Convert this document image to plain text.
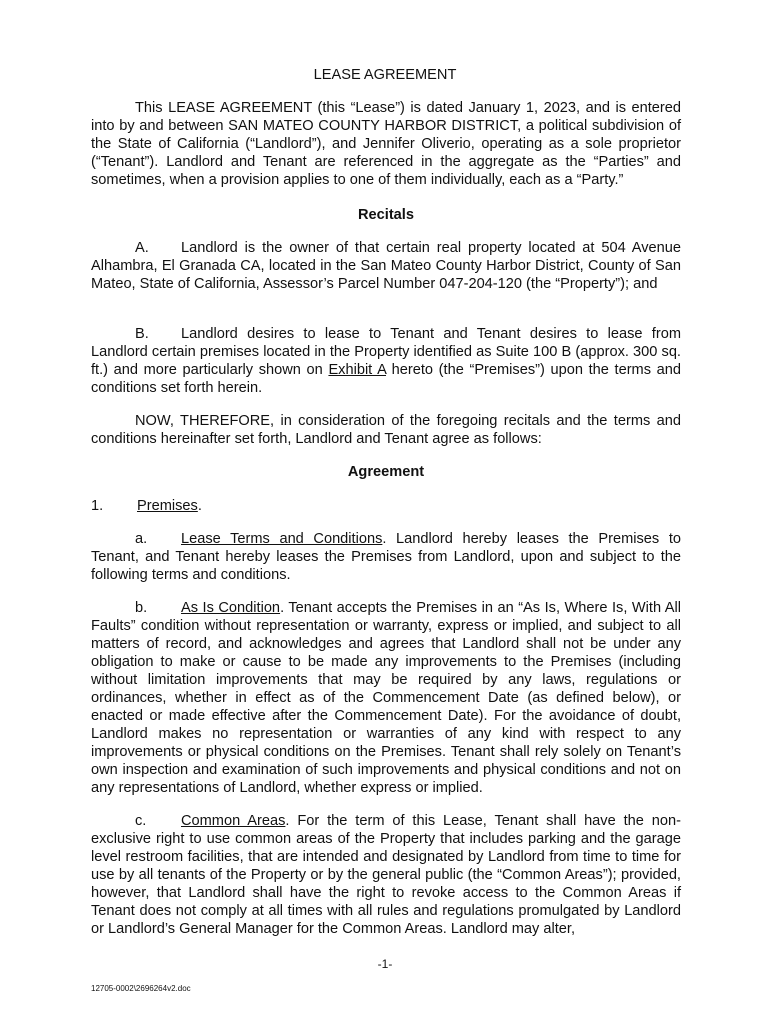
LEASE AGREEMENT

This LEASE AGREEMENT (this “Lease”) is dated January 1, 2023, and is entered into by and between SAN MATEO COUNTY HARBOR DISTRICT, a political subdivision of the State of California (“Landlord”), and Jennifer Oliverio, operating as a sole proprietor (“Tenant”). Landlord and Tenant are referenced in the aggregate as the “Parties” and sometimes, when a provision applies to one of them individually, each as a “Party.”

Recitals

A. Landlord is the owner of that certain real property located at 504 Avenue Alhambra, El Granada CA, located in the San Mateo County Harbor District, County of San Mateo, State of California, Assessor’s Parcel Number 047-204-120 (the “Property”); and

B. Landlord desires to lease to Tenant and Tenant desires to lease from Landlord certain premises located in the Property identified as Suite 100 B (approx. 300 sq. ft.) and more particularly shown on Exhibit A hereto (the “Premises”) upon the terms and conditions set forth herein.

NOW, THEREFORE, in consideration of the foregoing recitals and the terms and conditions hereinafter set forth, Landlord and Tenant agree as follows:

Agreement
1. Premises.

a. Lease Terms and Conditions. Landlord hereby leases the Premises to Tenant, and Tenant hereby leases the Premises from Landlord, upon and subject to the following terms and conditions.

b. As Is Condition. Tenant accepts the Premises in an “As Is, Where Is, With All Faults” condition without representation or warranty, express or implied, and subject to all matters of record, and acknowledges and agrees that Landlord shall not be under any obligation to make or cause to be made any improvements to the Premises (including without limitation improvements that may be required by any laws, regulations or ordinances, whether in effect as of the Commencement Date (as defined below), or enacted or made effective after the Commencement Date). For the avoidance of doubt, Landlord makes no representation or warranties of any kind with respect to any improvements or physical conditions on the Premises. Tenant shall rely solely on Tenant’s own inspection and examination of such improvements and physical conditions and not on any representations of Landlord, whether express or implied.

c. Common Areas. For the term of this Lease, Tenant shall have the non-exclusive right to use common areas of the Property that includes parking and the garage level restroom facilities, that are intended and designated by Landlord from time to time for use by all tenants of the Property or by the general public (the “Common Areas”); provided, however, that Landlord shall have the right to revoke access to the Common Areas if Tenant does not comply at all times with all rules and regulations promulgated by Landlord or Landlord’s General Manager for the Common Areas. Landlord may alter,

-1-
12705-0002\2696264v2.doc
